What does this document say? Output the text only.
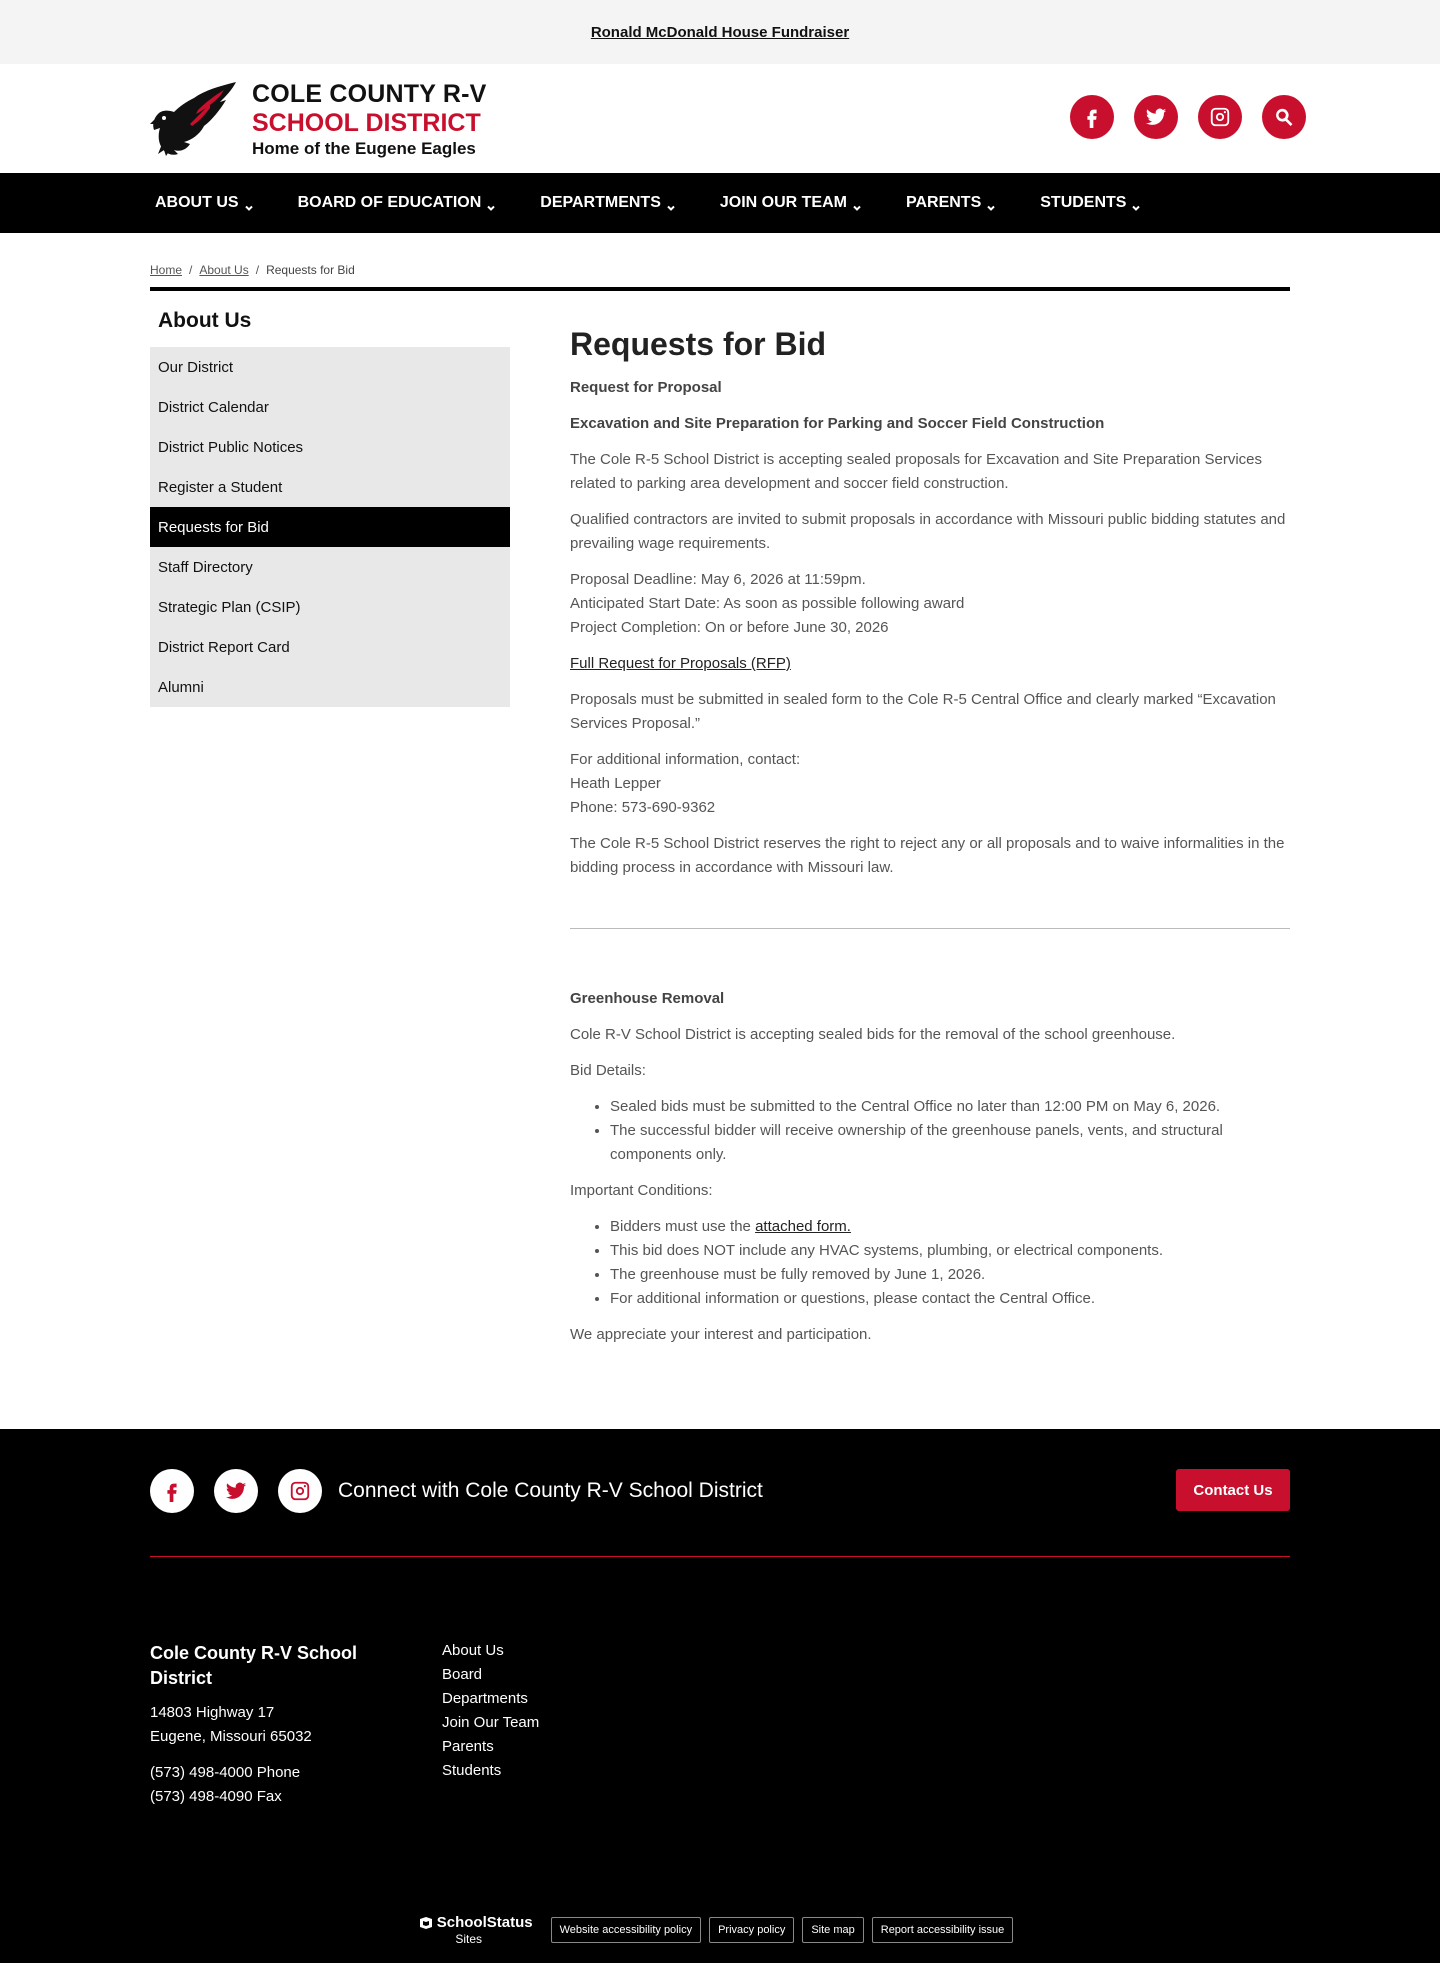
Ronald McDonald House Fundraiser
COLE COUNTY R-V
SCHOOL DISTRICT
Home of the Eugene Eagles
ABOUT US	BOARD OF EDUCATION	DEPARTMENTS	JOIN OUR TEAM	PARENTS	STUDENTS
Home / About Us / Requests for Bid
About Us
Our District
District Calendar
District Public Notices
Register a Student
Requests for Bid
Staff Directory
Strategic Plan (CSIP)
District Report Card
Alumni
Requests for Bid

Request for Proposal

Excavation and Site Preparation for Parking and Soccer Field Construction

The Cole R-5 School District is accepting sealed proposals for Excavation and Site Preparation Services related to parking area development and soccer field construction.

Qualified contractors are invited to submit proposals in accordance with Missouri public bidding statutes and prevailing wage requirements.

Proposal Deadline: May 6, 2026 at 11:59pm.
Anticipated Start Date: As soon as possible following award
Project Completion: On or before June 30, 2026

Full Request for Proposals (RFP)

Proposals must be submitted in sealed form to the Cole R-5 Central Office and clearly marked “Excavation Services Proposal.”

For additional information, contact:
Heath Lepper
Phone: 573-690-9362

The Cole R-5 School District reserves the right to reject any or all proposals and to waive informalities in the bidding process in accordance with Missouri law.

Greenhouse Removal

Cole R-V School District is accepting sealed bids for the removal of the school greenhouse.

Bid Details:

• Sealed bids must be submitted to the Central Office no later than 12:00 PM on May 6, 2026.
• The successful bidder will receive ownership of the greenhouse panels, vents, and structural components only.

Important Conditions:

• Bidders must use the attached form.
• This bid does NOT include any HVAC systems, plumbing, or electrical components.
• The greenhouse must be fully removed by June 1, 2026.
• For additional information or questions, please contact the Central Office.

We appreciate your interest and participation.

Connect with Cole County R-V School District	Contact Us
Cole County R-V School District
14803 Highway 17
Eugene, Missouri 65032
(573) 498-4000 Phone
(573) 498-4090 Fax
About Us
Board
Departments
Join Our Team
Parents
Students
SchoolStatus
Sites
Website accessibility policy	Privacy policy	Site map	Report accessibility issue
